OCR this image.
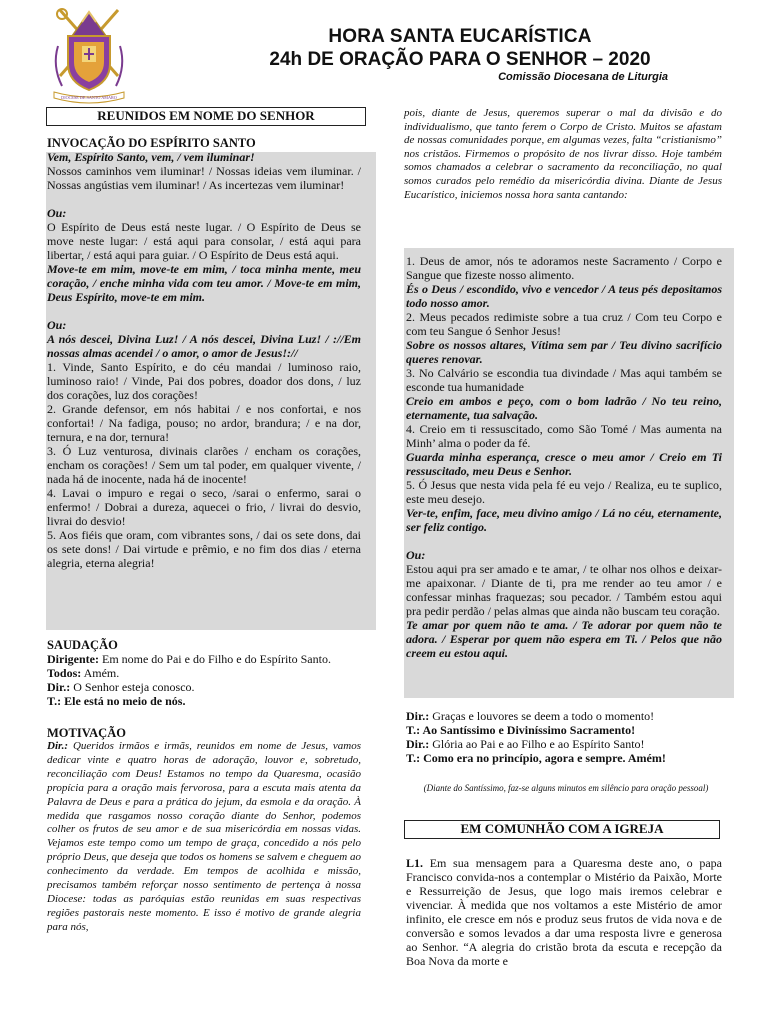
DIOCESE DE SANTO AMARO
HORA SANTA EUCARÍSTICA
24h DE ORAÇÃO PARA O SENHOR – 2020
Comissão Diocesana de Liturgia
REUNIDOS EM NOME DO SENHOR

INVOCAÇÃO DO ESPÍRITO SANTO

Vem, Espírito Santo, vem, / vem iluminar!

Nossos caminhos vem iluminar! / Nossas ideias vem iluminar. / Nossas angústias vem iluminar! / As incertezas vem iluminar!

Ou:

O Espírito de Deus está neste lugar. / O Espírito de Deus se move neste lugar: / está aqui para consolar, / está aqui para libertar, / está aqui para guiar. / O Espírito de Deus está aqui.

Move-te em mim, move-te em mim, / toca minha mente, meu coração, / enche minha vida com teu amor. / Move-te em mim, Deus Espírito, move-te em mim.

Ou:

A nós descei, Divina Luz! / A nós descei, Divina Luz! / ://Em nossas almas acendei / o amor, o amor de Jesus!://

1. Vinde, Santo Espírito, e do céu mandai / luminoso raio, luminoso raio! / Vinde, Pai dos pobres, doador dos dons, / luz dos corações, luz dos corações!

2. Grande defensor, em nós habitai / e nos confortai, e nos confortai! / Na fadiga, pouso; no ardor, brandura; / e na dor, ternura, e na dor, ternura!

3. Ó Luz venturosa, divinais clarões / encham os corações, encham os corações! / Sem um tal poder, em qualquer vivente, / nada há de inocente, nada há de inocente!

4. Lavai o impuro e regai o seco, /sarai o enfermo, sarai o enfermo! / Dobrai a dureza, aquecei o frio, / livrai do desvio, livrai do desvio!

5. Aos fiéis que oram, com vibrantes sons, / dai os sete dons, dai os sete dons! / Dai virtude e prêmio, e no fim dos dias / eterna alegria, eterna alegria!

SAUDAÇÃO

Dirigente: Em nome do Pai e do Filho e do Espírito Santo.

Todos: Amém.

Dir.: O Senhor esteja conosco.

T.: Ele está no meio de nós.

MOTIVAÇÃO

Dir.: Queridos irmãos e irmãs, reunidos em nome de Jesus, vamos dedicar vinte e quatro horas de adoração, louvor e, sobretudo, reconciliação com Deus! Estamos no tempo da Quaresma, ocasião propícia para a oração mais fervorosa, para a escuta mais atenta da Palavra de Deus e para a prática do jejum, da esmola e da oração. À medida que rasgamos nosso coração diante do Senhor, podemos colher os frutos de seu amor e de sua misericórdia em nossas vidas. Vejamos este tempo como um tempo de graça, concedido a nós pelo próprio Deus, que deseja que todos os homens se salvem e cheguem ao conhecimento da verdade. Em tempos de acolhida e missão, precisamos também reforçar nosso sentimento de pertença à nossa Diocese: todas as paróquias estão reunidas em suas respectivas regiões pastorais neste momento. E isso é motivo de grande alegria para nós,

pois, diante de Jesus, queremos superar o mal da divisão e do individualismo, que tanto ferem o Corpo de Cristo. Muitos se afastam de nossas comunidades porque, em algumas vezes, falta “cristianismo” nos cristãos. Firmemos o propósito de nos livrar disso. Hoje também somos chamados a celebrar o sacramento da reconciliação, no qual somos curados pelo remédio da misericórdia divina. Diante de Jesus Eucarístico, iniciemos nossa hora santa cantando:

1. Deus de amor, nós te adoramos neste Sacramento / Corpo e Sangue que fizeste nosso alimento.

És o Deus / escondido, vivo e vencedor / A teus pés depositamos todo nosso amor.

2. Meus pecados redimiste sobre a tua cruz / Com teu Corpo e com teu Sangue ó Senhor Jesus!

Sobre os nossos altares, Vítima sem par / Teu divino sacrifício queres renovar.

3. No Calvário se escondia tua divindade / Mas aqui também se esconde tua humanidade

Creio em ambos e peço, com o bom ladrão / No teu reino, eternamente, tua salvação.

4. Creio em ti ressuscitado, como São Tomé / Mas aumenta na Minh’ alma o poder da fé.

Guarda minha esperança, cresce o meu amor / Creio em Ti ressuscitado, meu Deus e Senhor.

5. Ó Jesus que nesta vida pela fé eu vejo / Realiza, eu te suplico, este meu desejo.

Ver-te, enfim, face, meu divino amigo / Lá no céu, eternamente, ser feliz contigo.

Ou:

Estou aqui pra ser amado e te amar, / te olhar nos olhos e deixar-me apaixonar. / Diante de ti, pra me render ao teu amor / e confessar minhas fraquezas; sou pecador. / Também estou aqui pra pedir perdão / pelas almas que ainda não buscam teu coração.

Te amar por quem não te ama. / Te adorar por quem não te adora. / Esperar por quem não espera em Ti. / Pelos que não creem eu estou aqui.

Dir.: Graças e louvores se deem a todo o momento!

T.: Ao Santíssimo e Diviníssimo Sacramento!

Dir.: Glória ao Pai e ao Filho e ao Espírito Santo!

T.: Como era no princípio, agora e sempre. Amém!

(Diante do Santíssimo, faz-se alguns minutos em silêncio para oração pessoal)
EM COMUNHÃO COM A IGREJA

L1. Em sua mensagem para a Quaresma deste ano, o papa Francisco convida-nos a contemplar o Mistério da Paixão, Morte e Ressurreição de Jesus, que logo mais iremos celebrar e vivenciar. À medida que nos voltamos a este Mistério de amor infinito, ele cresce em nós e produz seus frutos de vida nova e de conversão e somos levados a dar uma resposta livre e generosa ao Senhor. “A alegria do cristão brota da escuta e recepção da Boa Nova da morte e
